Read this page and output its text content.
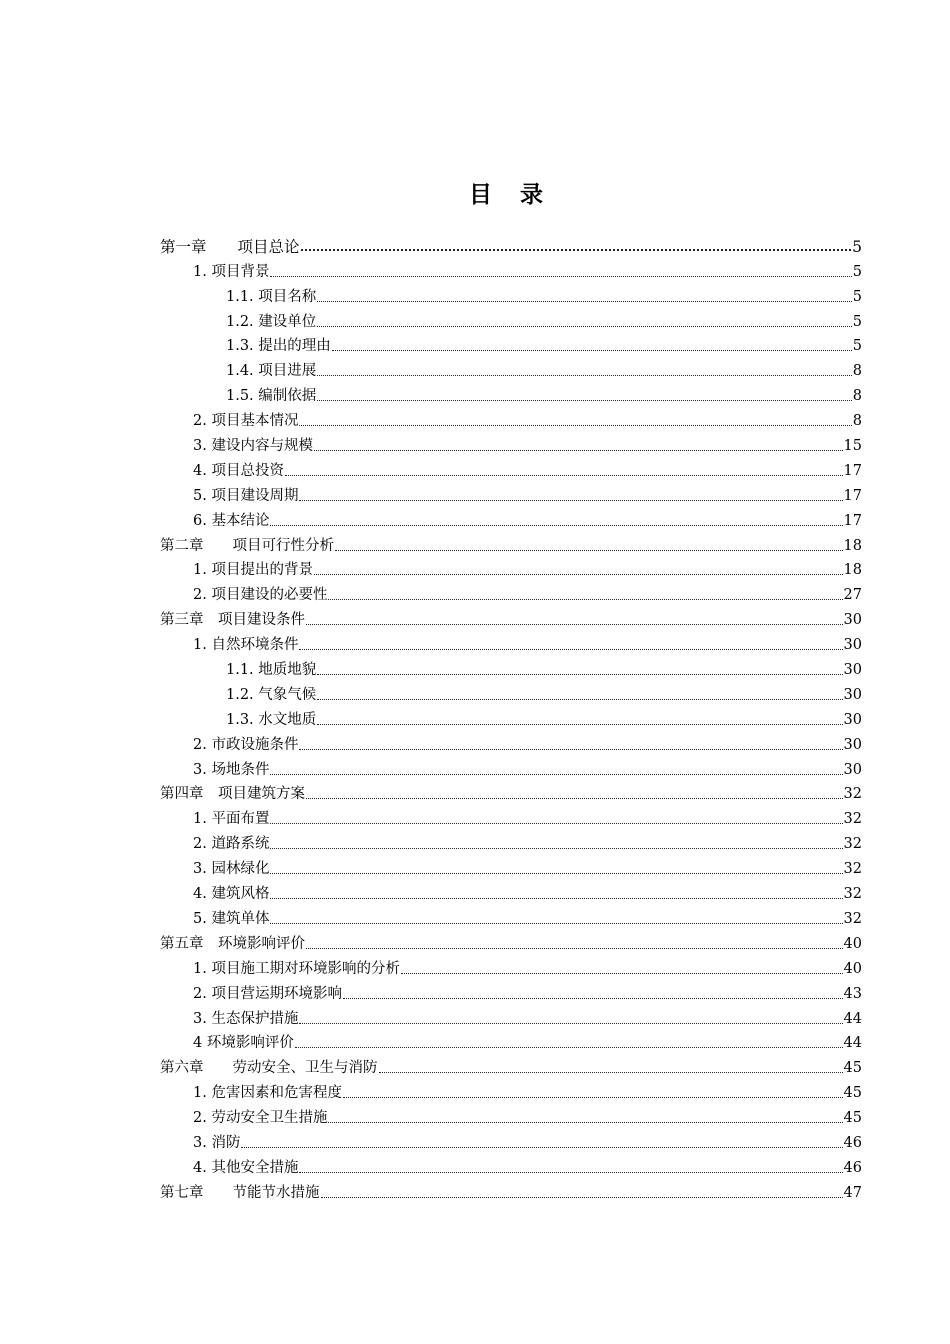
目 录
第一章　　项目总论	5
1. 项目背景	5
1.1. 项目名称	5
1.2. 建设单位	5
1.3. 提出的理由	5
1.4. 项目进展	8
1.5. 编制依据	8
2. 项目基本情况	8
3. 建设内容与规模	15
4. 项目总投资	17
5. 项目建设周期	17
6. 基本结论	17
第二章　　项目可行性分析	18
1. 项目提出的背景	18
2. 项目建设的必要性	27
第三章　项目建设条件	30
1. 自然环境条件	30
1.1. 地质地貌	30
1.2. 气象气候	30
1.3. 水文地质	30
2. 市政设施条件	30
3. 场地条件	30
第四章　项目建筑方案	32
1. 平面布置	32
2. 道路系统	32
3. 园林绿化	32
4. 建筑风格	32
5. 建筑单体	32
第五章　环境影响评价	40
1. 项目施工期对环境影响的分析	40
2. 项目营运期环境影响	43
3. 生态保护措施	44
4 环境影响评价	44
第六章　　劳动安全、卫生与消防	45
1. 危害因素和危害程度	45
2. 劳动安全卫生措施	45
3. 消防	46
4. 其他安全措施	46
第七章　　节能节水措施	47
